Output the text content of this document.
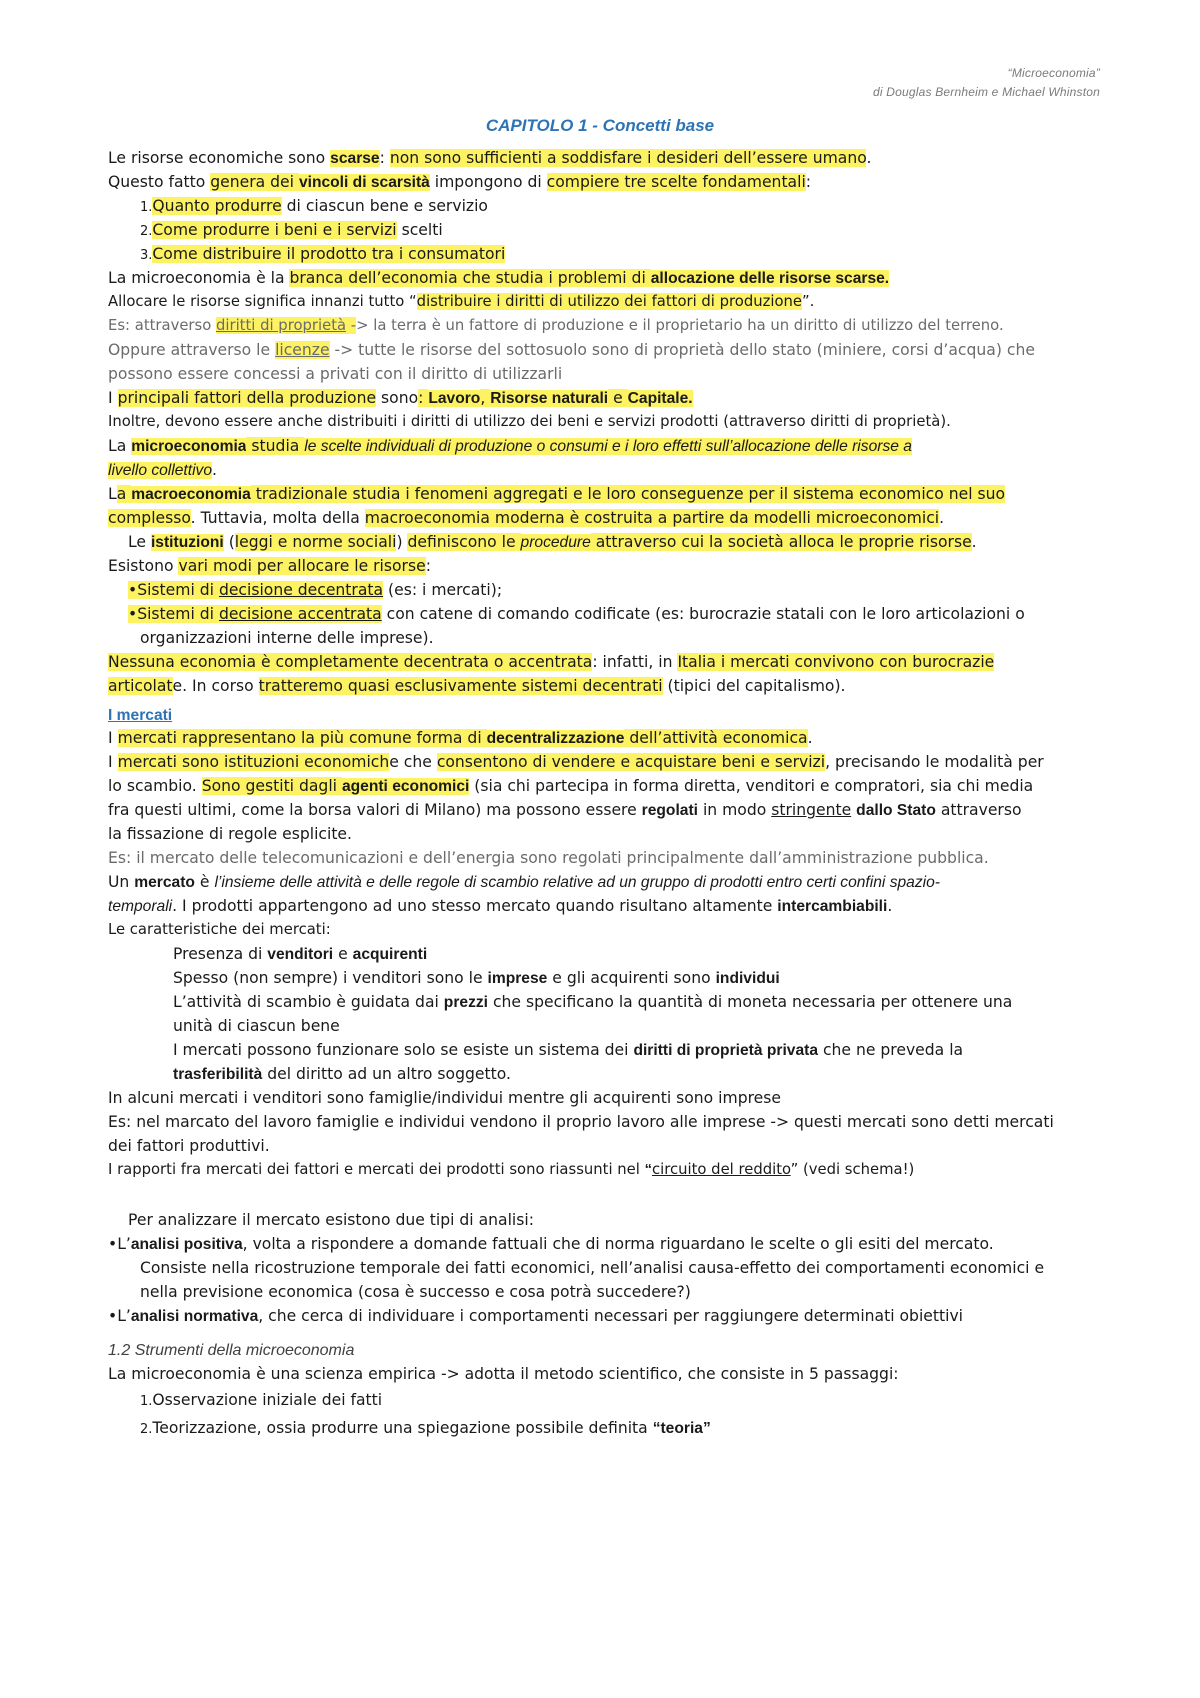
“Microeconomia”
di Douglas Bernheim e Michael Whinston
CAPITOLO 1 - Concetti base
Le risorse economiche sono scarse: non sono sufficienti a soddisfare i desideri dell’essere umano.
Questo fatto genera dei vincoli di scarsità impongono di compiere tre scelte fondamentali:
1.Quanto produrre di ciascun bene e servizio
2.Come produrre i beni e i servizi scelti
3.Come distribuire il prodotto tra i consumatori
La microeconomia è la branca dell’economia che studia i problemi di allocazione delle risorse scarse.
Allocare le risorse significa innanzi tutto “distribuire i diritti di utilizzo dei fattori di produzione”.
Es: attraverso diritti di proprietà -> la terra è un fattore di produzione e il proprietario ha un diritto di utilizzo del terreno.
Oppure attraverso le licenze -> tutte le risorse del sottosuolo sono di proprietà dello stato (miniere, corsi d’acqua) che
possono essere concessi a privati con il diritto di utilizzarli
I principali fattori della produzione sono: Lavoro, Risorse naturali e Capitale.
Inoltre, devono essere anche distribuiti i diritti di utilizzo dei beni e servizi prodotti (attraverso diritti di proprietà).
La microeconomia studia le scelte individuali di produzione o consumi e i loro effetti sull’allocazione delle risorse a
livello collettivo.
La macroeconomia tradizionale studia i fenomeni aggregati e le loro conseguenze per il sistema economico nel suo
complesso. Tuttavia, molta della macroeconomia moderna è costruita a partire da modelli microeconomici.
Le istituzioni (leggi e norme sociali) definiscono le procedure attraverso cui la società alloca le proprie risorse.
Esistono vari modi per allocare le risorse:
•Sistemi di decisione decentrata (es: i mercati);
•Sistemi di decisione accentrata con catene di comando codificate (es: burocrazie statali con le loro articolazioni o
organizzazioni interne delle imprese).
Nessuna economia è completamente decentrata o accentrata: infatti, in Italia i mercati convivono con burocrazie
articolate. In corso tratteremo quasi esclusivamente sistemi decentrati (tipici del capitalismo).
I mercati
I mercati rappresentano la più comune forma di decentralizzazione dell’attività economica.
I mercati sono istituzioni economiche che consentono di vendere e acquistare beni e servizi, precisando le modalità per
lo scambio. Sono gestiti dagli agenti economici (sia chi partecipa in forma diretta, venditori e compratori, sia chi media
fra questi ultimi, come la borsa valori di Milano) ma possono essere regolati in modo stringente dallo Stato attraverso
la fissazione di regole esplicite.
Es: il mercato delle telecomunicazioni e dell’energia sono regolati principalmente dall’amministrazione pubblica.
Un mercato è l’insieme delle attività e delle regole di scambio relative ad un gruppo di prodotti entro certi confini spazio-
temporali. I prodotti appartengono ad uno stesso mercato quando risultano altamente intercambiabili.
Le caratteristiche dei mercati:
Presenza di venditori e acquirenti
Spesso (non sempre) i venditori sono le imprese e gli acquirenti sono individui
L’attività di scambio è guidata dai prezzi che specificano la quantità di moneta necessaria per ottenere una
unità di ciascun bene
I mercati possono funzionare solo se esiste un sistema dei diritti di proprietà privata che ne preveda la
trasferibilità del diritto ad un altro soggetto.
In alcuni mercati i venditori sono famiglie/individui mentre gli acquirenti sono imprese
Es: nel marcato del lavoro famiglie e individui vendono il proprio lavoro alle imprese -> questi mercati sono detti mercati
dei fattori produttivi.
I rapporti fra mercati dei fattori e mercati dei prodotti sono riassunti nel “circuito del reddito” (vedi schema!)
Per analizzare il mercato esistono due tipi di analisi:
•L’analisi positiva, volta a rispondere a domande fattuali che di norma riguardano le scelte o gli esiti del mercato.
Consiste nella ricostruzione temporale dei fatti economici, nell’analisi causa-effetto dei comportamenti economici e
nella previsione economica (cosa è successo e cosa potrà succedere?)
•L’analisi normativa, che cerca di individuare i comportamenti necessari per raggiungere determinati obiettivi
1.2 Strumenti della microeconomia
La microeconomia è una scienza empirica -> adotta il metodo scientifico, che consiste in 5 passaggi:
1.Osservazione iniziale dei fatti
2.Teorizzazione, ossia produrre una spiegazione possibile definita “teoria”
